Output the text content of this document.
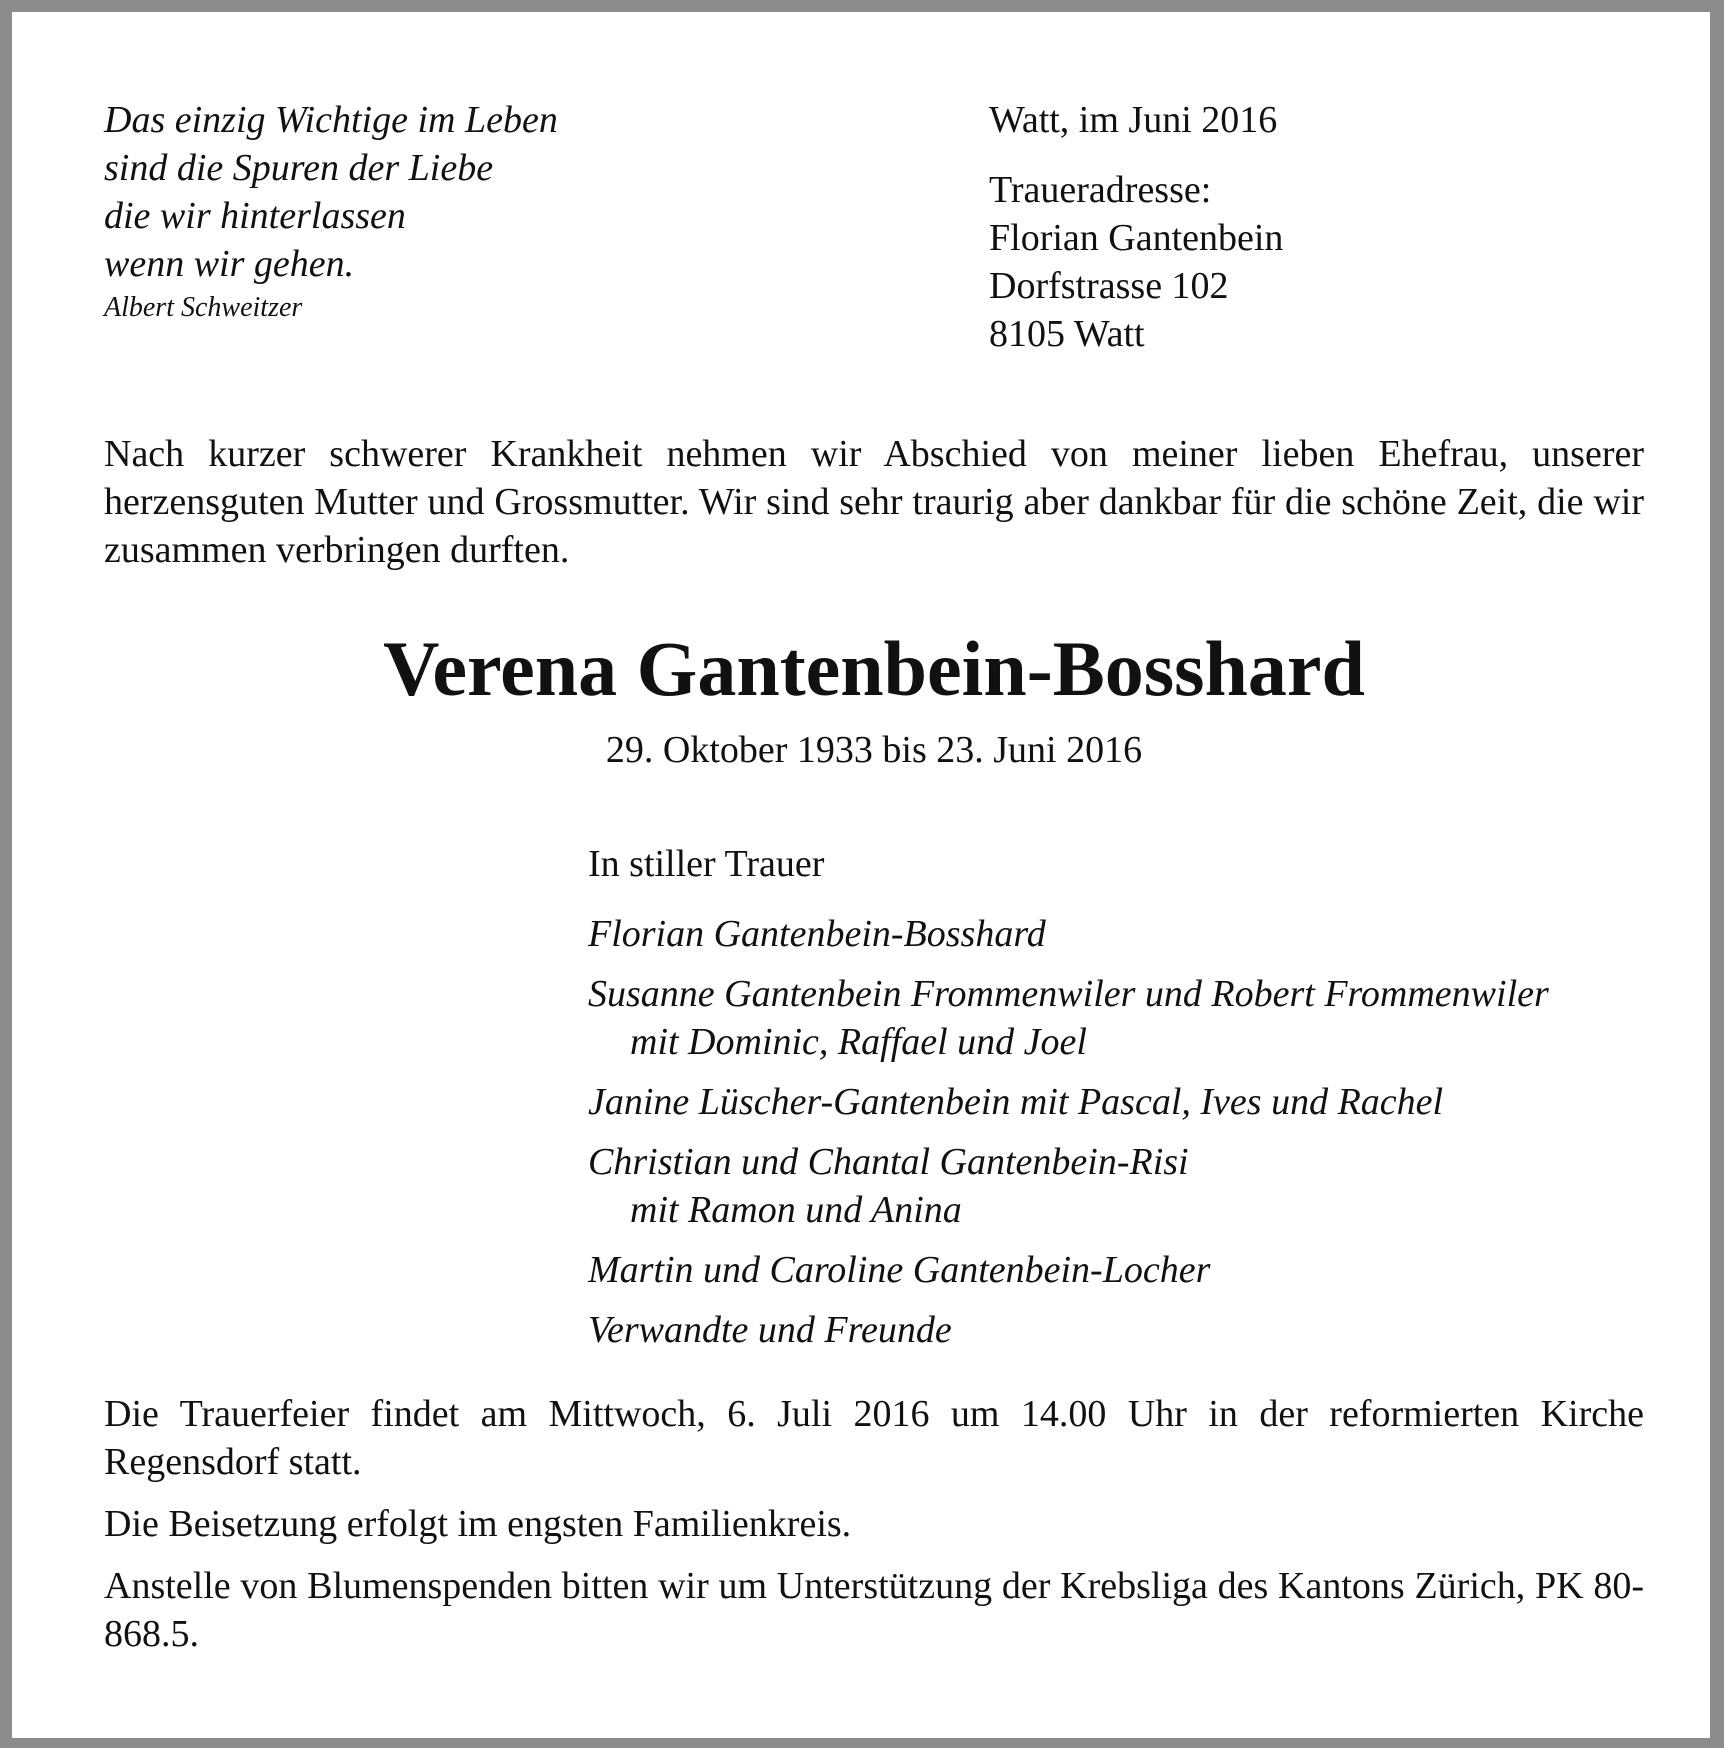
Das einzig Wichtige im Leben
sind die Spuren der Liebe
die wir hinterlassen
wenn wir gehen.
Albert Schweitzer
Watt, im Juni 2016
Traueradresse:
Florian Gantenbein
Dorfstrasse 102
8105 Watt
Nach kurzer schwerer Krankheit nehmen wir Abschied von meiner lieben Ehefrau, unserer herzensguten Mutter und Grossmutter. Wir sind sehr traurig aber dankbar für die schöne Zeit, die wir zusammen verbringen durften.
Verena Gantenbein-Bosshard
29. Oktober 1933 bis 23. Juni 2016
In stiller Trauer
Florian Gantenbein-Bosshard
Susanne Gantenbein Frommenwiler und Robert Frommenwiler
mit Dominic, Raffael und Joel
Janine Lüscher-Gantenbein mit Pascal, Ives und Rachel
Christian und Chantal Gantenbein-Risi
mit Ramon und Anina
Martin und Caroline Gantenbein-Locher
Verwandte und Freunde

Die Trauerfeier findet am Mittwoch, 6. Juli 2016 um 14.00 Uhr in der reformierten Kirche Regensdorf statt.

Die Beisetzung erfolgt im engsten Familienkreis.

Anstelle von Blumenspenden bitten wir um Unterstützung der Krebsliga des Kantons Zürich, PK 80-868.5.
